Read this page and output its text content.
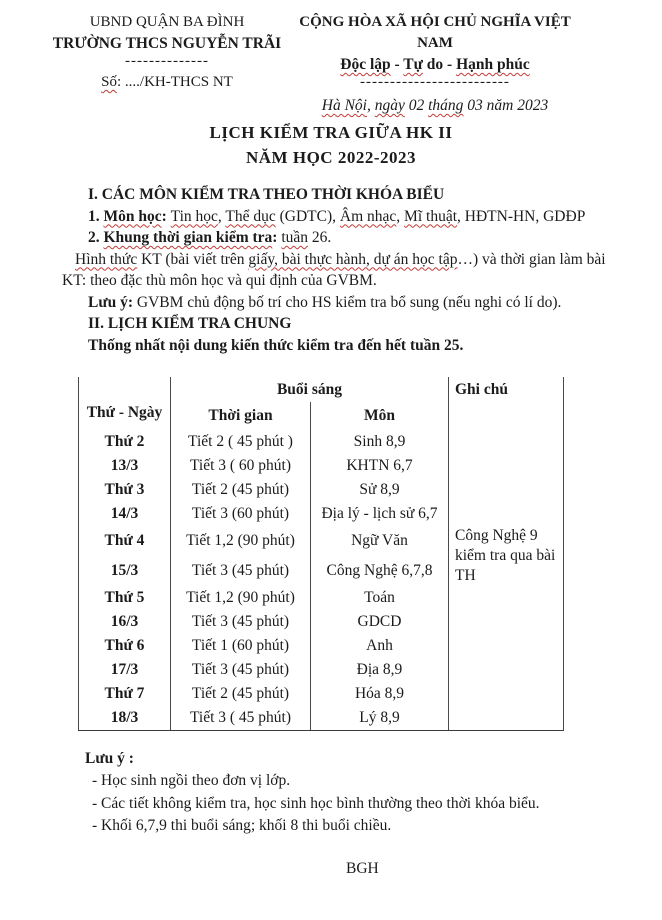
UBND QUẬN BA ĐÌNH
TRƯỜNG THCS NGUYỄN TRÃI
--------------
Số: ..../KH-THCS NT
CỘNG HÒA XÃ HỘI CHỦ NGHĨA VIỆT NAM
Độc lập - Tự do - Hạnh phúc
-------------------------
Hà Nội, ngày 02 tháng 03 năm 2023
LỊCH KIỂM TRA GIỮA HK II
NĂM HỌC 2022-2023
I. CÁC MÔN KIỂM TRA THEO THỜI KHÓA BIỂU
1. Môn học: Tin học, Thể dục (GDTC), Âm nhạc, Mĩ thuật, HĐTN-HN, GDĐP
2. Khung thời gian kiểm tra: tuần 26.
Hình thức KT (bài viết trên giấy, bài thực hành, dự án học tập…) và thời gian làm bài KT: theo đặc thù môn học và qui định của GVBM.
Lưu ý: GVBM chủ động bố trí cho HS kiểm tra bổ sung (nếu nghi có lí do).
II. LỊCH KIỂM TRA CHUNG
Thống nhất nội dung kiến thức kiểm tra đến hết tuần 25.
Thứ - Ngày	Buổi sáng		Ghi chú
	Thời gian	Môn	
Thứ 2	Tiết 2 ( 45 phút )	Sinh 8,9	
13/3	Tiết 3 ( 60 phút)	KHTN 6,7	
Thứ 3	Tiết 2 (45 phút)	Sử 8,9	
14/3	Tiết 3 (60 phút)	Địa lý - lịch sử 6,7	
Thứ 4	Tiết 1,2 (90 phút)	Ngữ Văn	Công Nghệ 9 kiểm tra qua bài TH
15/3	Tiết 3 (45 phút)	Công Nghệ 6,7,8	
Thứ 5	Tiết 1,2 (90 phút)	Toán	
16/3	Tiết 3 (45 phút)	GDCD	
Thứ 6	Tiết 1 (60 phút)	Anh	
17/3	Tiết 3 (45 phút)	Địa 8,9	
Thứ 7	Tiết 2 (45 phút)	Hóa 8,9	
18/3	Tiết 3 ( 45 phút)	Lý 8,9	
Lưu ý :
- Học sinh ngồi theo đơn vị lớp.
- Các tiết không kiểm tra, học sinh học bình thường theo thời khóa biểu.
- Khối 6,7,9 thi buổi sáng; khối 8 thi buổi chiều.
BGH
